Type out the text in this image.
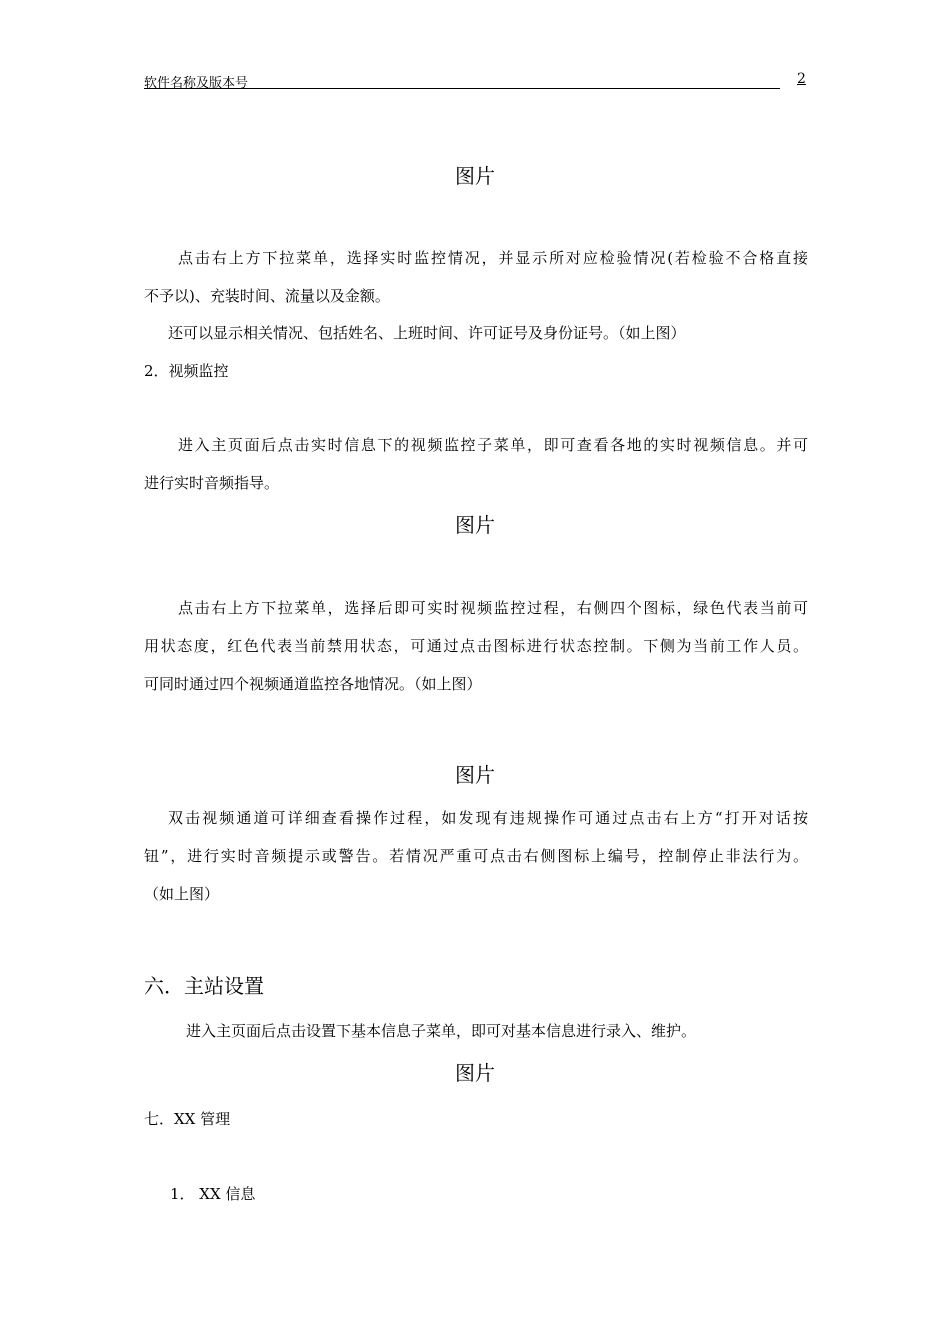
软件名称及版本号	2
图片
点击右上方下拉菜单，选择实时监控情况，并显示所对应检验情况(若检验不合格直接
不予以)、充装时间、流量以及金额。
还可以显示相关情况、包括姓名、上班时间、许可证号及身份证号。（如上图）
2．视频监控
进入主页面后点击实时信息下的视频监控子菜单，即可查看各地的实时视频信息。并可
进行实时音频指导。
图片
点击右上方下拉菜单，选择后即可实时视频监控过程，右侧四个图标，绿色代表当前可
用状态度，红色代表当前禁用状态，可通过点击图标进行状态控制。下侧为当前工作人员。
可同时通过四个视频通道监控各地情况。（如上图）
图片
双击视频通道可详细查看操作过程，如发现有违规操作可通过点击右上方“打开对话按
钮”，进行实时音频提示或警告。若情况严重可点击右侧图标上编号，控制停止非法行为。
（如上图）
六．主站设置
进入主页面后点击设置下基本信息子菜单，即可对基本信息进行录入、维护。
图片
七．XX 管理
1． XX 信息
